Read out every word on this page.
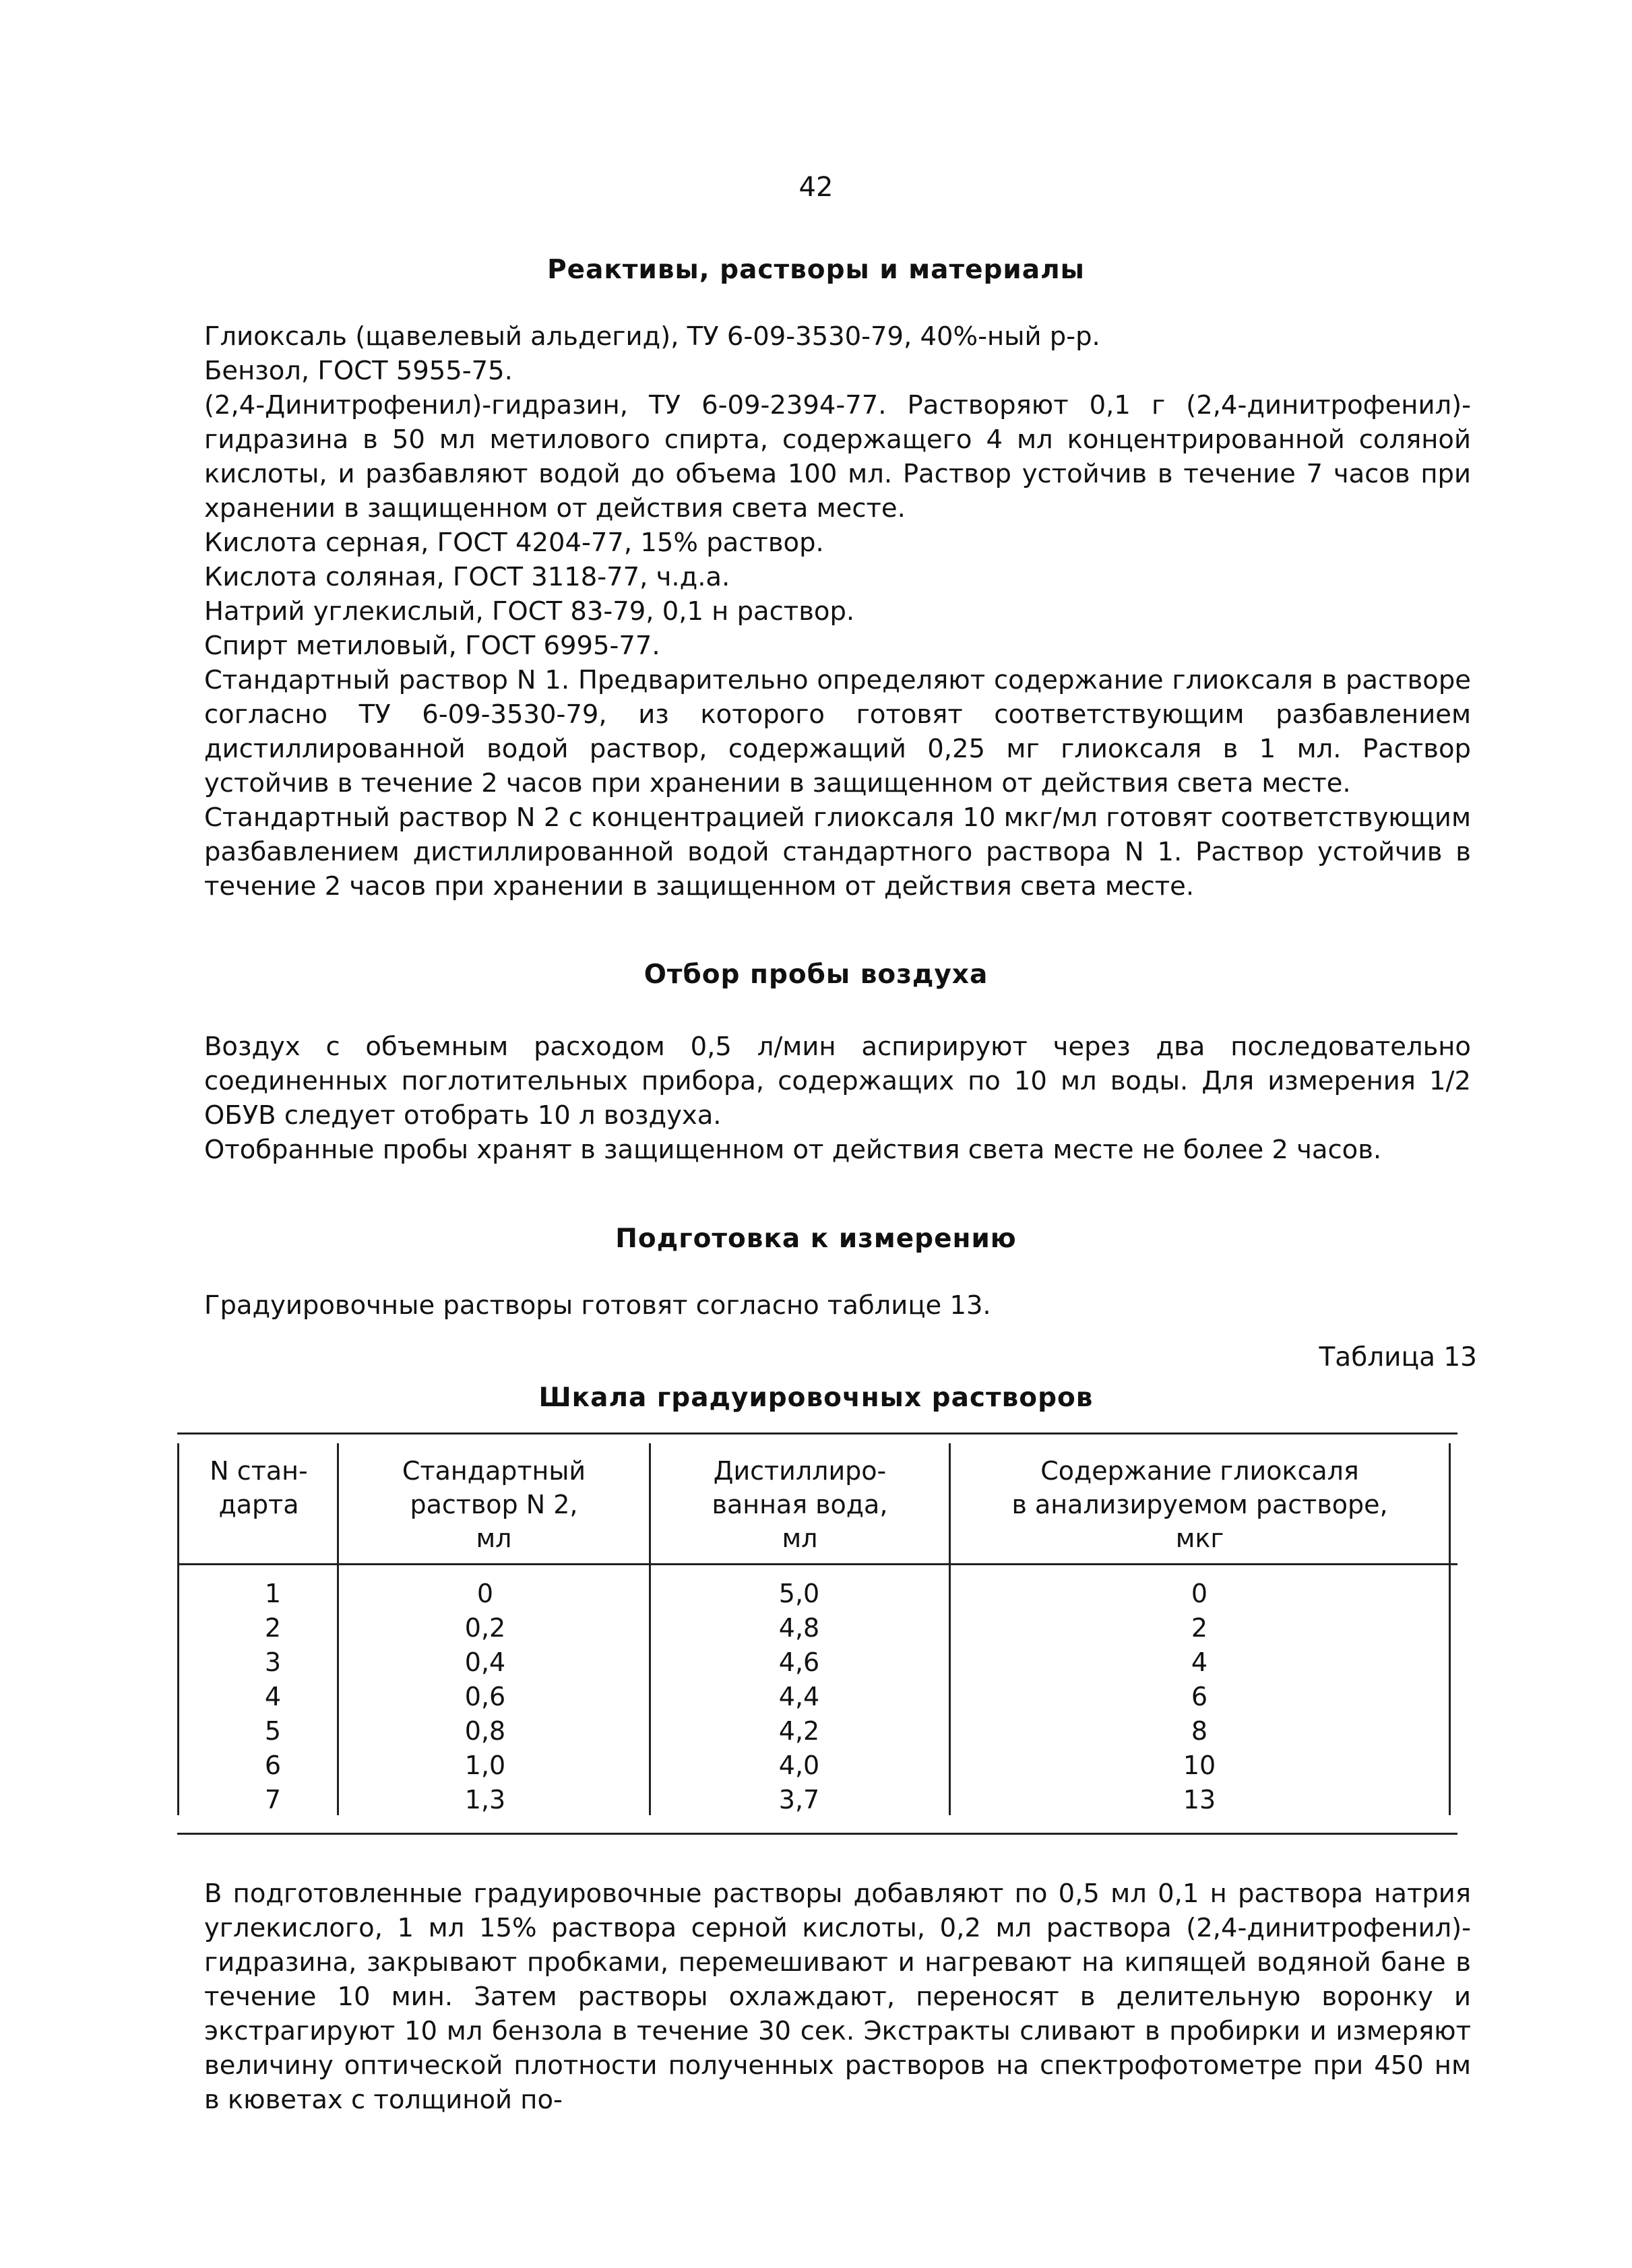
42
Реактивы, растворы и материалы

Глиоксаль (щавелевый альдегид), ТУ 6-09-3530-79, 40%-ный р-р.

Бензол, ГОСТ 5955-75.

(2,4-Динитрофенил)-гидразин, ТУ 6-09-2394-77. Растворяют 0,1 г (2,4-динитрофенил)-гидразина в 50 мл метилового спирта, содержащего 4 мл концентрированной соляной кислоты, и разбавляют водой до объема 100 мл. Раствор устойчив в течение 7 часов при хранении в защищенном от действия света месте.

Кислота серная, ГОСТ 4204-77, 15% раствор.

Кислота соляная, ГОСТ 3118-77, ч.д.а.

Натрий углекислый, ГОСТ 83-79, 0,1 н раствор.

Спирт метиловый, ГОСТ 6995-77.

Стандартный раствор N 1. Предварительно определяют содержание глиоксаля в растворе согласно ТУ 6-09-3530-79, из которого готовят соответствующим разбавлением дистиллированной водой раствор, содержащий 0,25 мг глиоксаля в 1 мл. Раствор устойчив в течение 2 часов при хранении в защищенном от действия света месте.

Стандартный раствор N 2 с концентрацией глиоксаля 10 мкг/мл готовят соответствующим разбавлением дистиллированной водой стандартного раствора N 1. Раствор устойчив в течение 2 часов при хранении в защищенном от действия света месте.

Отбор пробы воздуха

Воздух с объемным расходом 0,5 л/мин аспирируют через два последовательно соединенных поглотительных прибора, содержащих по 10 мл воды. Для измерения 1/2 ОБУВ следует отобрать 10 л воздуха.

Отобранные пробы хранят в защищенном от действия света месте не более 2 часов.

Подготовка к измерению

Градуировочные растворы готовят согласно таблице 13.

Таблица 13
Шкала градуировочных растворов
N стан-
дарта
Стандартный
раствор N 2,
мл
Дистиллиро-
ванная вода,
мл
Содержание глиоксаля
в анализируемом растворе,
мкг
1
2
3
4
5
6
7
0
0,2
0,4
0,6
0,8
1,0
1,3
5,0
4,8
4,6
4,4
4,2
4,0
3,7
0
2
4
6
8
10
13

В подготовленные градуировочные растворы добавляют по 0,5 мл 0,1 н раствора натрия углекислого, 1 мл 15% раствора серной кислоты, 0,2 мл раствора (2,4-динитрофенил)-гидразина, закрывают пробками, перемешивают и нагревают на кипящей водяной бане в течение 10 мин. Затем растворы охлаждают, переносят в делительную воронку и экстрагируют 10 мл бензола в течение 30 сек. Экстракты сливают в пробирки и измеряют величину оптической плотности полученных растворов на спектрофотометре при 450 нм в кюветах с толщиной по-
